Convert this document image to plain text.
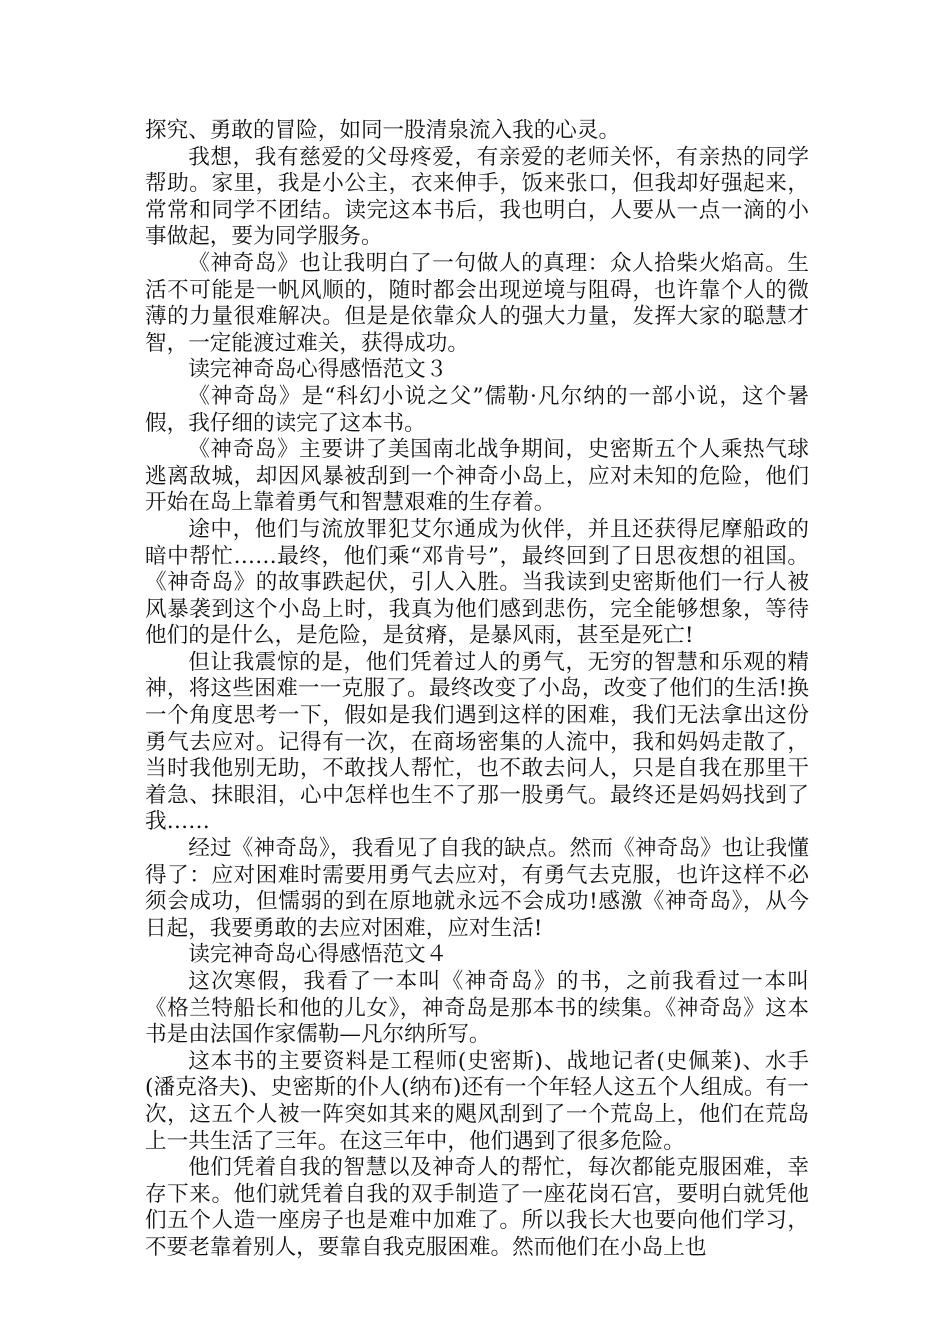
探究、勇敢的冒险，如同一股清泉流入我的心灵。

我想，我有慈爱的父母疼爱，有亲爱的老师关怀，有亲热的同学帮助。家里，我是小公主，衣来伸手，饭来张口，但我却好强起来，常常和同学不团结。读完这本书后，我也明白，人要从一点一滴的小事做起，要为同学服务。

《神奇岛》也让我明白了一句做人的真理：众人拾柴火焰高。生活不可能是一帆风顺的，随时都会出现逆境与阻碍，也许靠个人的微薄的力量很难解决。但是是依靠众人的强大力量，发挥大家的聪慧才智，一定能渡过难关，获得成功。

读完神奇岛心得感悟范文３

《神奇岛》是“科幻小说之父”儒勒·凡尔纳的一部小说，这个暑假，我仔细的读完了这本书。

《神奇岛》主要讲了美国南北战争期间，史密斯五个人乘热气球逃离敌城，却因风暴被刮到一个神奇小岛上，应对未知的危险，他们开始在岛上靠着勇气和智慧艰难的生存着。

途中，他们与流放罪犯艾尔通成为伙伴，并且还获得尼摩船政的暗中帮忙……最终，他们乘“邓肯号”，最终回到了日思夜想的祖国。《神奇岛》的故事跌起伏，引人入胜。当我读到史密斯他们一行人被风暴袭到这个小岛上时，我真为他们感到悲伤，完全能够想象，等待他们的是什么，是危险，是贫瘠，是暴风雨，甚至是死亡!

但让我震惊的是，他们凭着过人的勇气，无穷的智慧和乐观的精神，将这些困难一一克服了。最终改变了小岛，改变了他们的生活!换一个角度思考一下，假如是我们遇到这样的困难，我们无法拿出这份勇气去应对。记得有一次，在商场密集的人流中，我和妈妈走散了，当时我他别无助，不敢找人帮忙，也不敢去问人，只是自我在那里干着急、抹眼泪，心中怎样也生不了那一股勇气。最终还是妈妈找到了我……

经过《神奇岛》，我看见了自我的缺点。然而《神奇岛》也让我懂得了：应对困难时需要用勇气去应对，有勇气去克服，也许这样不必须会成功，但懦弱的到在原地就永远不会成功!感激《神奇岛》，从今日起，我要勇敢的去应对困难，应对生活!

读完神奇岛心得感悟范文４

这次寒假，我看了一本叫《神奇岛》的书，之前我看过一本叫《格兰特船长和他的儿女》，神奇岛是那本书的续集。《神奇岛》这本书是由法国作家儒勒—凡尔纳所写。

这本书的主要资料是工程师(史密斯)、战地记者(史佩莱)、水手(潘克洛夫)、史密斯的仆人(纳布)还有一个年轻人这五个人组成。有一次，这五个人被一阵突如其来的飓风刮到了一个荒岛上，他们在荒岛上一共生活了三年。在这三年中，他们遇到了很多危险。

他们凭着自我的智慧以及神奇人的帮忙，每次都能克服困难，幸存下来。他们就凭着自我的双手制造了一座花岗石宫，要明白就凭他们五个人造一座房子也是难中加难了。所以我长大也要向他们学习，不要老靠着别人，要靠自我克服困难。然而他们在小岛上也
